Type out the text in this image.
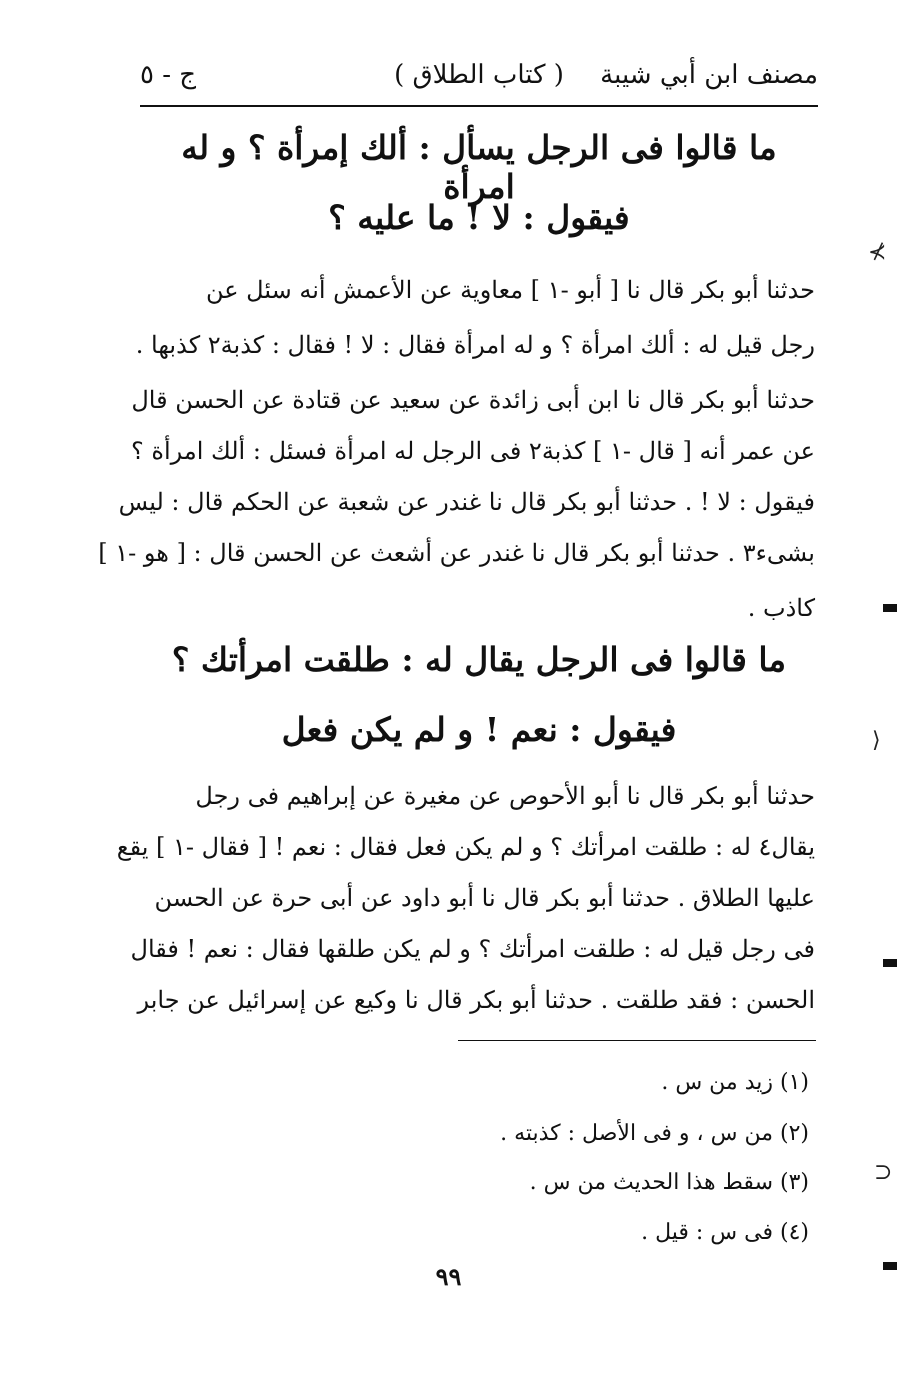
مصنف ابن أبي شيبة
( كتاب الطلاق )
ج - ٥
ما قالوا فى الرجل يسأل : ألك إمرأة ؟ و له امرأة
فيقول : لا ! ما عليه ؟
حدثنا أبو بكر قال نا [ أبو -١ ] معاوية عن الأعمش أنه سئل عن
رجل قيل له : ألك امرأة ؟ و له امرأة فقال : لا ! فقال : كذبة٢ كذبها .
حدثنا أبو بكر قال نا ابن أبى زائدة عن سعيد عن قتادة عن الحسن قال
عن عمر أنه [ قال -١ ] كذبة٢ فى الرجل له امرأة فسئل : ألك امرأة ؟
فيقول : لا ! . حدثنا أبو بكر قال نا غندر عن شعبة عن الحكم قال : ليس
بشىء٣ . حدثنا أبو بكر قال نا غندر عن أشعث عن الحسن قال : [ هو -١ ]
كاذب .
ما قالوا فى الرجل يقال له : طلقت امرأتك ؟
فيقول : نعم ! و لم يكن فعل
حدثنا أبو بكر قال نا أبو الأحوص عن مغيرة عن إبراهيم فى رجل
يقال٤ له : طلقت امرأتك ؟ و لم يكن فعل فقال : نعم ! [ فقال -١ ] يقع
عليها الطلاق . حدثنا أبو بكر قال نا أبو داود عن أبى حرة عن الحسن
فى رجل قيل له : طلقت امرأتك ؟ و لم يكن طلقها فقال : نعم ! فقال
الحسن : فقد طلقت . حدثنا أبو بكر قال نا وكيع عن إسرائيل عن جابر
(١) زيد من س .
(٢) من س ، و فى الأصل : كذبته .
(٣) سقط هذا الحديث من س .
(٤) فى س : قيل .
٩٩
⊁
⟨
⊂
